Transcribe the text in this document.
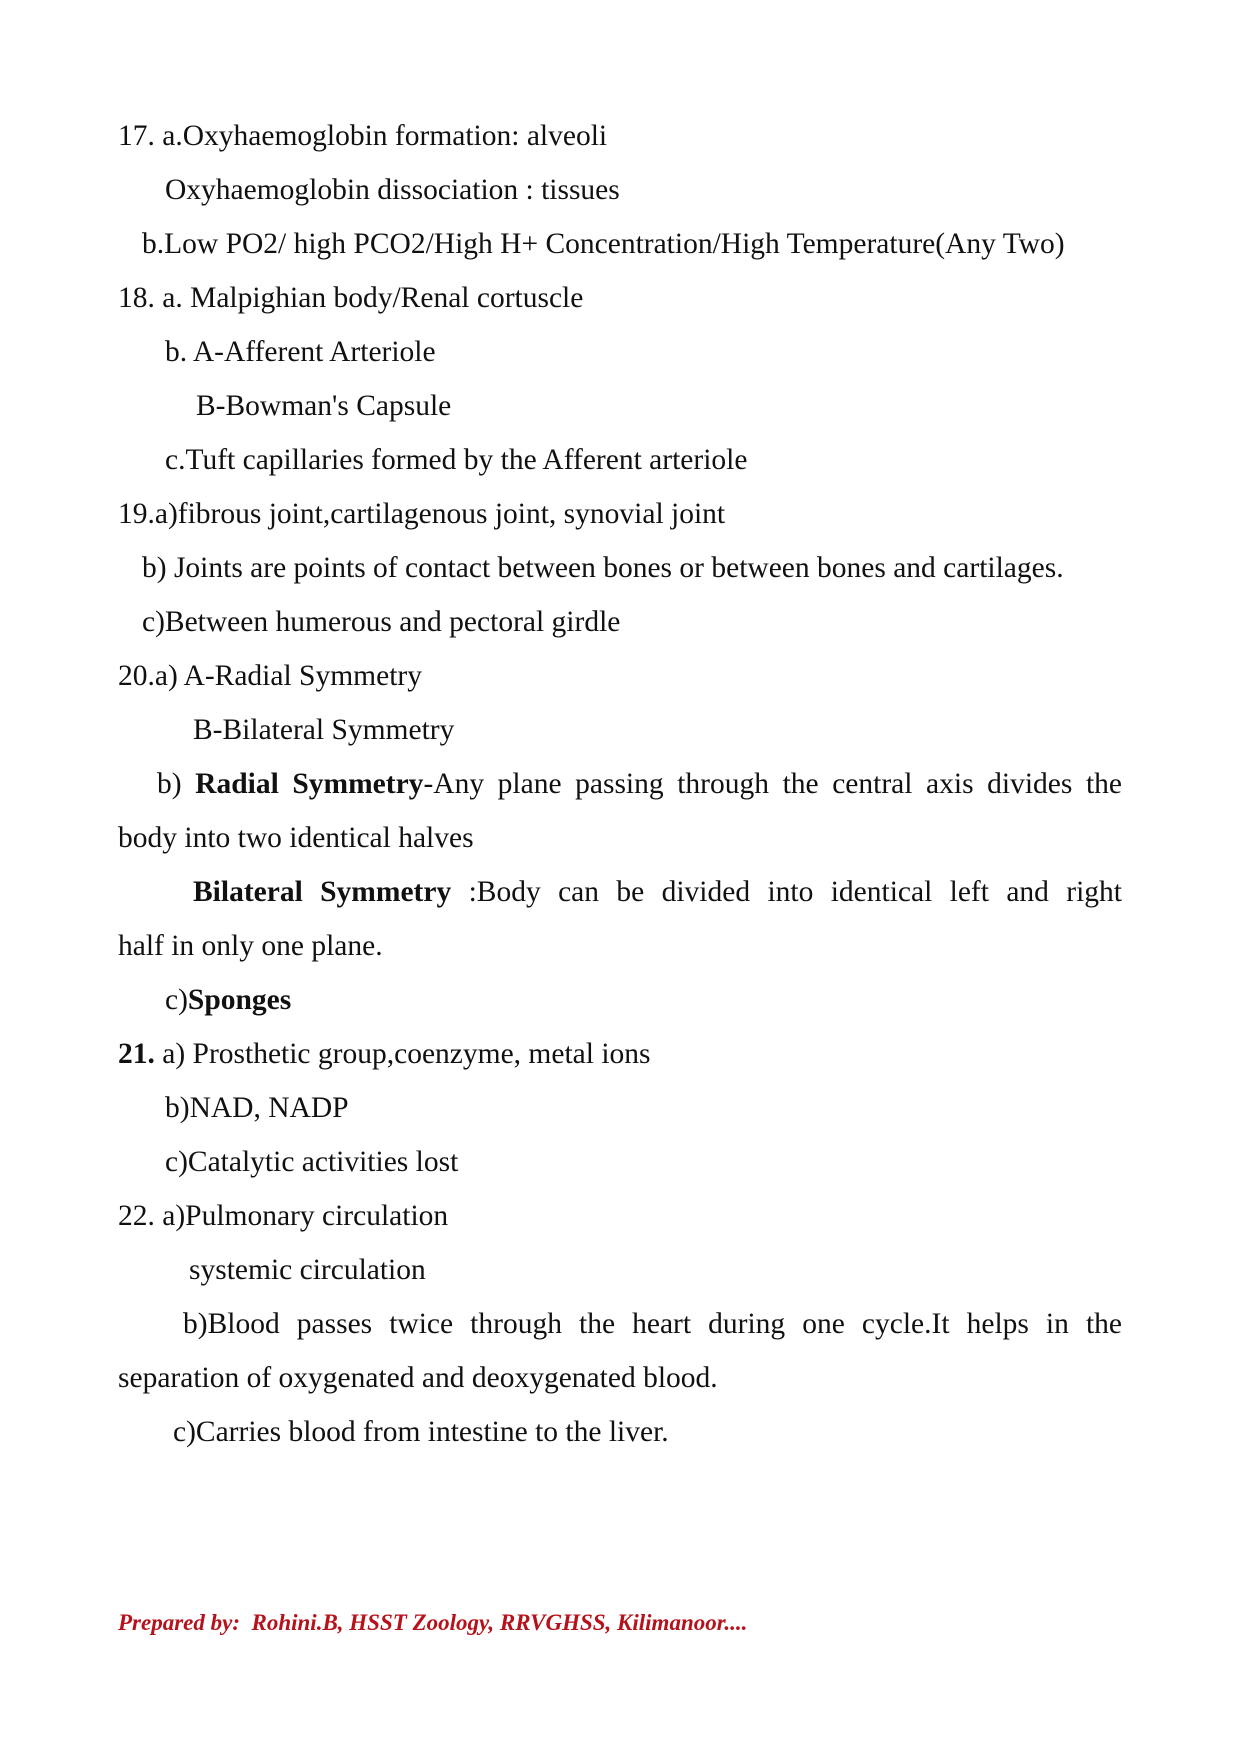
17. a.Oxyhaemoglobin formation: alveoli
Oxyhaemoglobin dissociation : tissues
b.Low PO2/ high PCO2/High H+ Concentration/High Temperature(Any Two)
18. a. Malpighian body/Renal cortuscle
b. A-Afferent Arteriole
B-Bowman's Capsule
c.Tuft capillaries formed by the Afferent arteriole
19.a)fibrous joint,cartilagenous joint, synovial joint
b) Joints are points of contact between bones or between bones and cartilages.
c)Between humerous and pectoral girdle
20.a) A-Radial Symmetry
B-Bilateral Symmetry
b) Radial Symmetry-Any plane passing through the central axis divides the
body into two identical halves
Bilateral Symmetry :Body can be divided into identical left and right
half in only one plane.
c)Sponges
21. a) Prosthetic group,coenzyme, metal ions
b)NAD, NADP
c)Catalytic activities lost
22. a)Pulmonary circulation
systemic circulation
b)Blood passes twice through the heart during one cycle.It helps in the
separation of oxygenated and deoxygenated blood.
c)Carries blood from intestine to the liver.
Prepared by:  Rohini.B, HSST Zoology, RRVGHSS, Kilimanoor....
